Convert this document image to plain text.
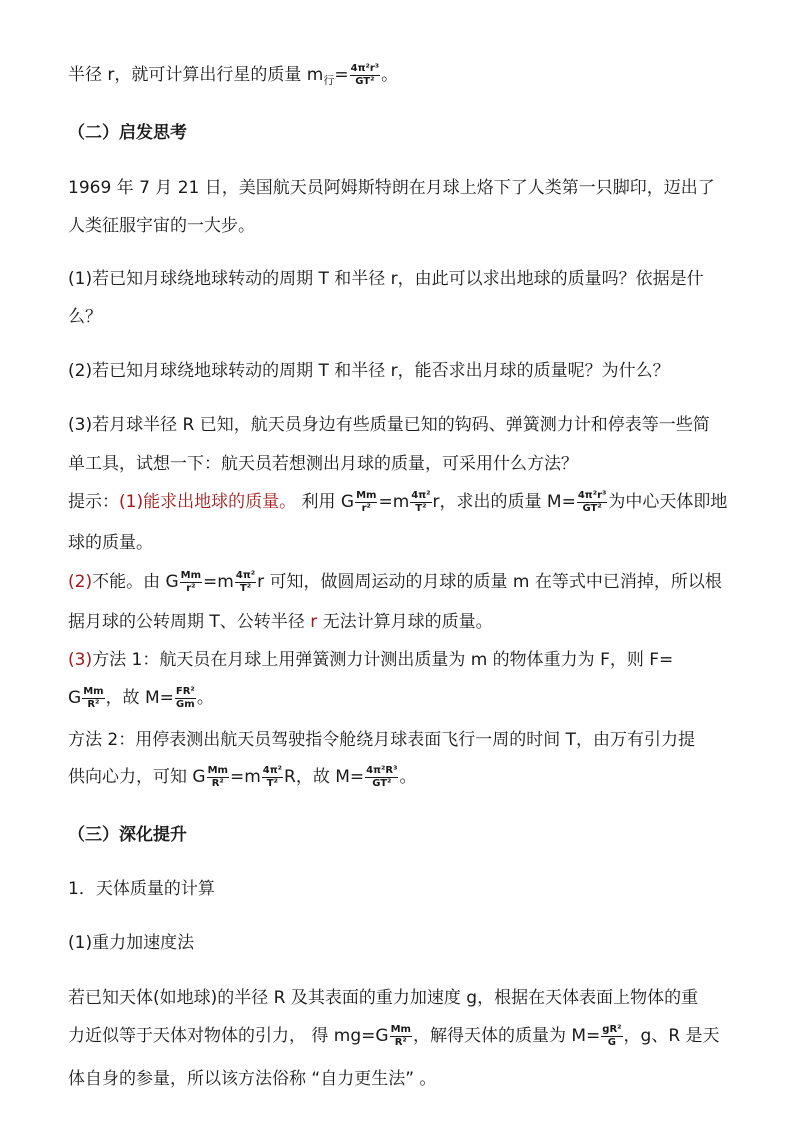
半径 r，就可计算出行星的质量 $m_行= \frac{\text{4π²r³}}{\text{GT²}}$ 。
（二）启发思考
1969 年 7 月 21 日，美国航天员阿姆斯特朗在月球上烙下了人类第一只脚印，迈出了
人类征服宇宙的一大步。
(1)若已知月球绕地球转动的周期 T 和半径 r，由此可以求出地球的质量吗？依据是什
么？
(2)若已知月球绕地球转动的周期 T 和半径 r，能否求出月球的质量呢？为什么？
(3)若月球半径 R 已知，航天员身边有些质量已知的钩码、弹簧测力计和停表等一些简
单工具，试想一下：航天员若想测出月球的质量，可采用什么方法？
提示：(1)能求出地球的质量。 利用 G $\frac{Mm}{\text{r²}} =m \frac{\text{4π²}}{\text{T²}}$ r，求出的质量 $M= \frac{\text{4π²r³}}{\text{GT²}}$ 为中心天体即地
球的质量。
(2)不能。由 G $\frac{Mm}{\text{r²}} =m \frac{\text{4π²}}{\text{T²}}$ r 可知，做圆周运动的月球的质量 m 在等式中已消掉，所以根
据月球的公转周期 T、公转半径 r 无法计算月球的质量。
(3)方法 1：航天员在月球上用弹簧测力计测出质量为 m 的物体重力为 F，则 F=
G $\frac{Mm}{\text{R²}}$ ，故 $M= \frac{\text{FR²}}{Gm}$ 。
方法 2：用停表测出航天员驾驶指令舱绕月球表面飞行一周的时间 T，由万有引力提
供向心力，可知 G $\frac{Mm}{\text{R²}} =m \frac{\text{4π²}}{\text{T²}}$ R，故 $M= \frac{\text{4π²R³}}{\text{GT²}}$ 。
（三）深化提升
1．天体质量的计算
(1)重力加速度法
若已知天体(如地球)的半径 R 及其表面的重力加速度 g，根据在天体表面上物体的重
力近似等于天体对物体的引力， 得 $mg=G \frac{Mm}{\text{R²}}$ ，解得天体的质量为 $M= \frac{\text{gR²}}{G}$ ，g、R 是天
体自身的参量，所以该方法俗称 “自力更生法” 。
